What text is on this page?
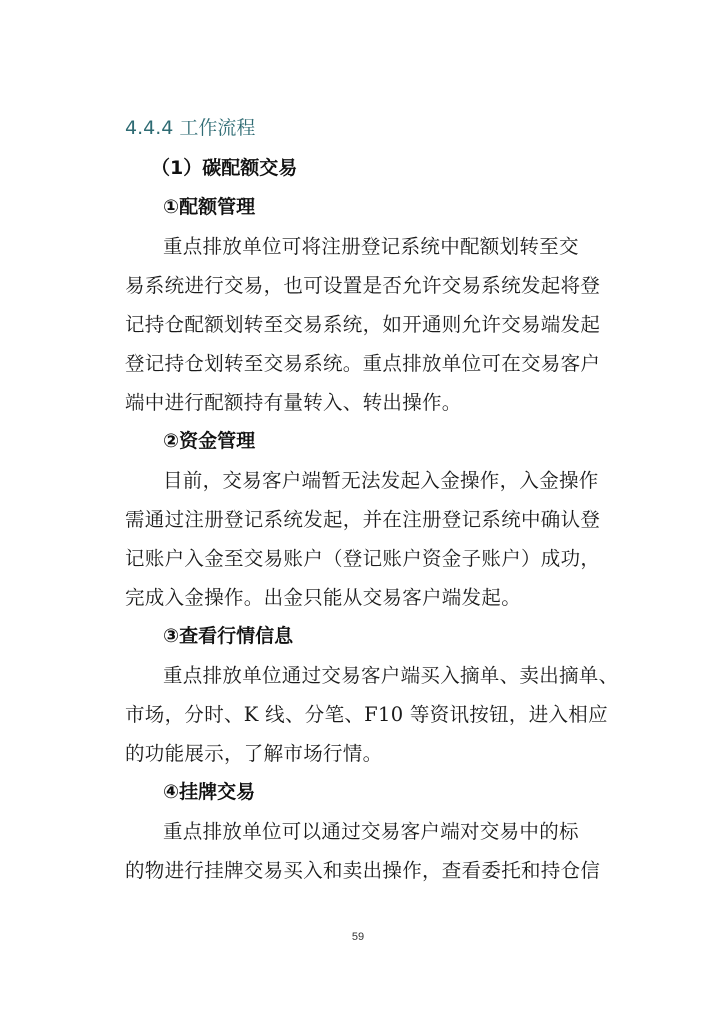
4.4.4 工作流程
（1）碳配额交易
①配额管理
重点排放单位可将注册登记系统中配额划转至交
易系统进行交易，也可设置是否允许交易系统发起将登
记持仓配额划转至交易系统，如开通则允许交易端发起
登记持仓划转至交易系统。重点排放单位可在交易客户
端中进行配额持有量转入、转出操作。
②资金管理
目前，交易客户端暂无法发起入金操作，入金操作
需通过注册登记系统发起，并在注册登记系统中确认登
记账户入金至交易账户（登记账户资金子账户）成功，
完成入金操作。出金只能从交易客户端发起。
③查看行情信息
重点排放单位通过交易客户端买入摘单、卖出摘单、
市场，分时、K 线、分笔、F10 等资讯按钮，进入相应
的功能展示，了解市场行情。
④挂牌交易
重点排放单位可以通过交易客户端对交易中的标
的物进行挂牌交易买入和卖出操作，查看委托和持仓信
59
